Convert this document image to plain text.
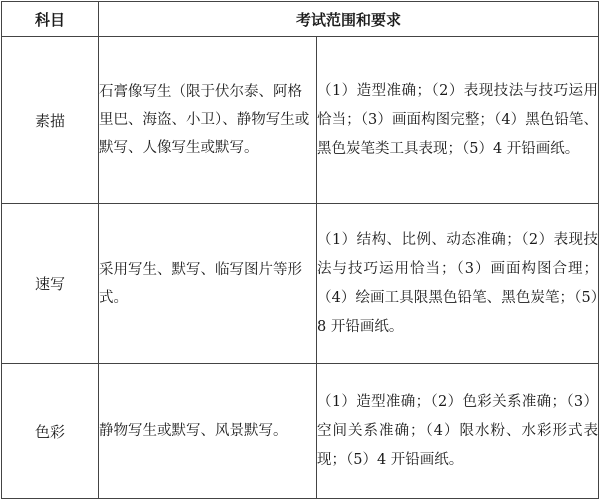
科目	考试范围和要求	
素描	石膏像写生（限于伏尔泰、阿格里巴、海盗、小卫）、静物写生或默写、人像写生或默写。	（1）造型准确；（2）表现技法与技巧运用恰当；（3）画面构图完整；（4）黑色铅笔、黑色炭笔类工具表现；（5）4 开铅画纸。
速写	采用写生、默写、临写图片等形式。	（1）结构、比例、动态准确；（2）表现技法与技巧运用恰当；（3）画面构图合理；（4）绘画工具限黑色铅笔、黑色炭笔；（5）8 开铅画纸。
色彩	静物写生或默写、风景默写。	（1）造型准确；（2）色彩关系准确；（3）空间关系准确；（4）限水粉、水彩形式表现；（5）4 开铅画纸。
